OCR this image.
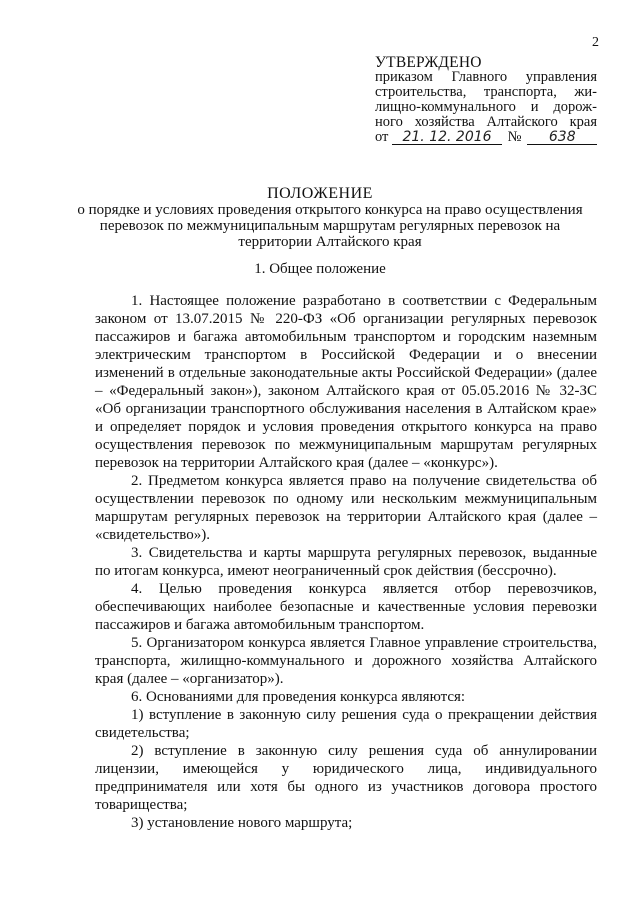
2
УТВЕРЖДЕНО
приказом Главного управления
строительства, транспорта, жи-
лищно-коммунального и дорож-
ного хозяйства Алтайского края
от	21. 12. 2016	№	638
ПОЛОЖЕНИЕ
о порядке и условиях проведения открытого конкурса на право осуществления перевозок по межмуниципальным маршрутам регулярных перевозок на территории Алтайского края
1. Общее положение

1. Настоящее положение разработано в соответствии с Федеральным законом от 13.07.2015 № 220-ФЗ «Об организации регулярных перевозок пассажиров и багажа автомобильным транспортом и городским наземным электрическим транспортом в Российской Федерации и о внесении изменений в отдельные законодательные акты Российской Федерации» (далее – «Федеральный закон»), законом Алтайского края от 05.05.2016 № 32-ЗС «Об организации транспортного обслуживания населения в Алтайском крае» и определяет порядок и условия проведения открытого конкурса на право осуществления перевозок по межмуниципальным маршрутам регулярных перевозок на территории Алтайского края (далее – «конкурс»).

2. Предметом конкурса является право на получение свидетельства об осуществлении перевозок по одному или нескольким межмуниципальным маршрутам регулярных перевозок на территории Алтайского края (далее – «свидетельство»).

3. Свидетельства и карты маршрута регулярных перевозок, выданные по итогам конкурса, имеют неограниченный срок действия (бессрочно).

4. Целью проведения конкурса является отбор перевозчиков, обеспечивающих наиболее безопасные и качественные условия перевозки пассажиров и багажа автомобильным транспортом.

5. Организатором конкурса является Главное управление строительства, транспорта, жилищно-коммунального и дорожного хозяйства Алтайского края (далее – «организатор»).

6. Основаниями для проведения конкурса являются:

1) вступление в законную силу решения суда о прекращении действия свидетельства;

2) вступление в законную силу решения суда об аннулировании лицензии, имеющейся у юридического лица, индивидуального предпринимателя или хотя бы одного из участников договора простого товарищества;

3) установление нового маршрута;
